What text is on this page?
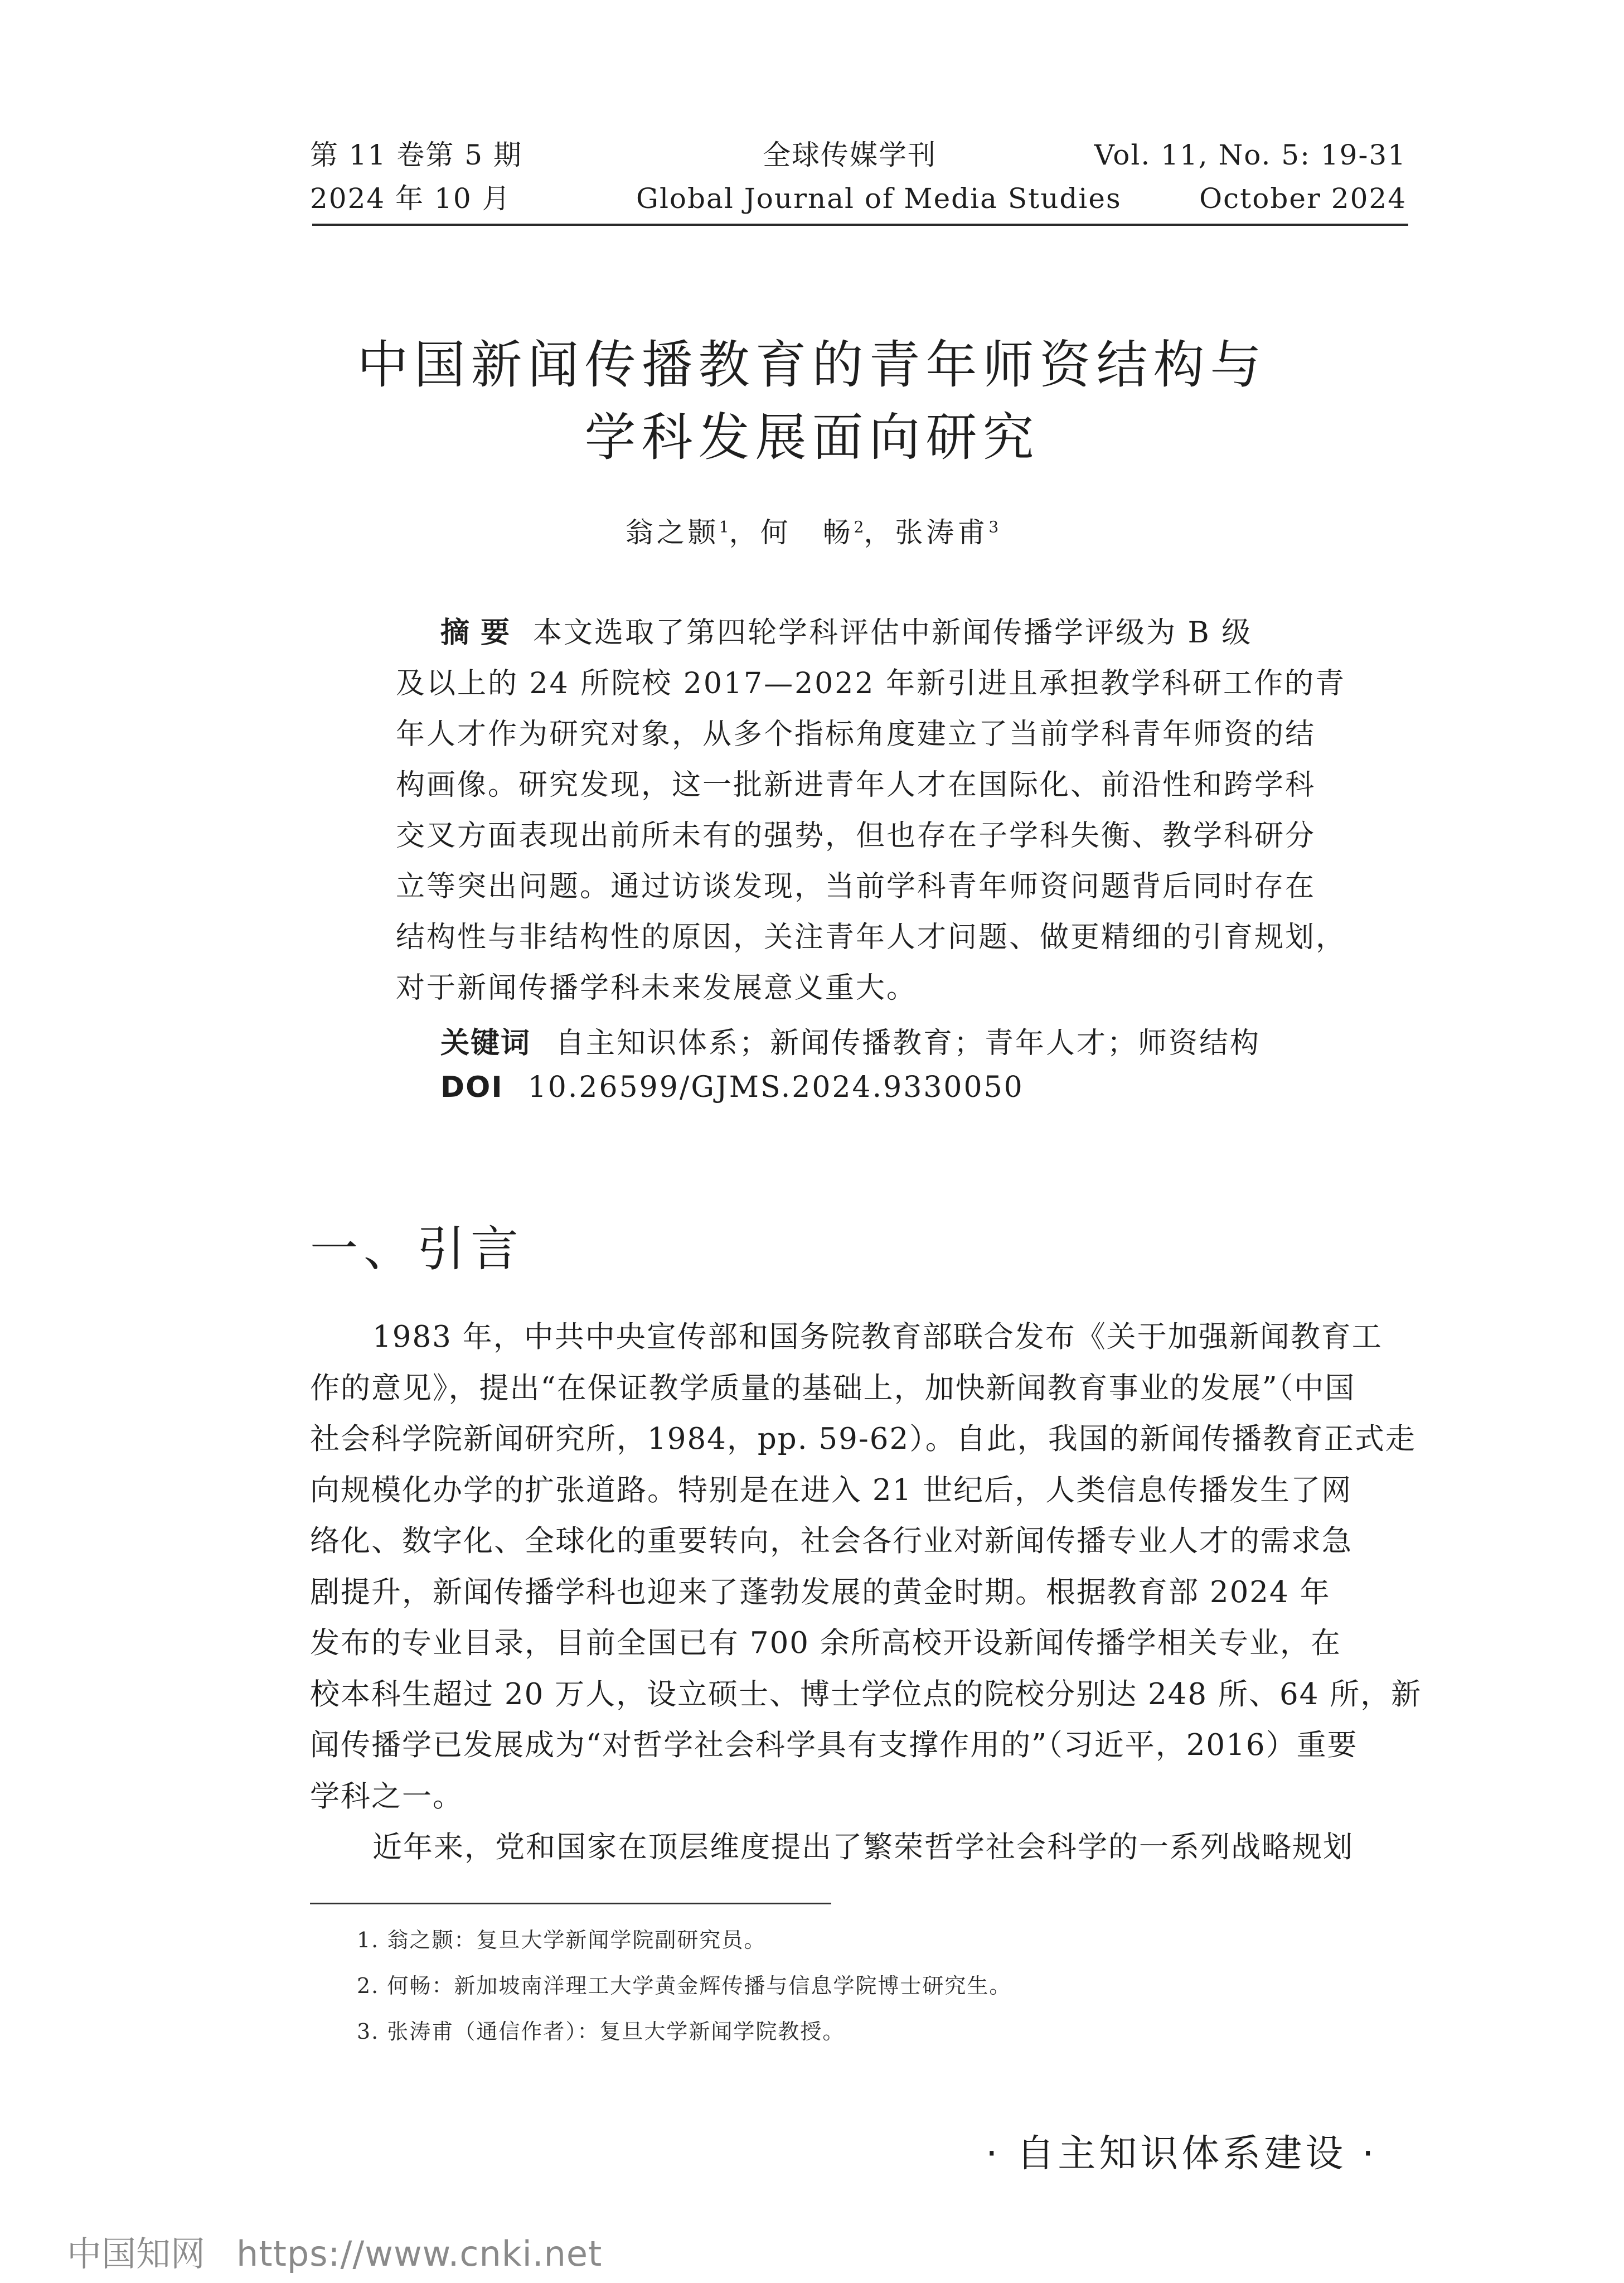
第 11 卷第 5 期
2024 年 10 月
全球传媒学刊
Global Journal of Media Studies
Vol. 11, No. 5: 19-31
October 2024
中国新闻传播教育的青年师资结构与
学科发展面向研究
翁之颢$^1$，何　畅$^2$，张涛甫$^3$
摘要 本文选取了第四轮学科评估中新闻传播学评级为 B 级
及以上的 24 所院校 2017—2022 年新引进且承担教学科研工作的青
年人才作为研究对象，从多个指标角度建立了当前学科青年师资的结
构画像。研究发现，这一批新进青年人才在国际化、前沿性和跨学科
交叉方面表现出前所未有的强势，但也存在子学科失衡、教学科研分
立等突出问题。通过访谈发现，当前学科青年师资问题背后同时存在
结构性与非结构性的原因，关注青年人才问题、做更精细的引育规划，
对于新闻传播学科未来发展意义重大。
关键词 自主知识体系；新闻传播教育；青年人才；师资结构
DOI 10.26599/GJMS.2024.9330050
一、引言
1983 年，中共中央宣传部和国务院教育部联合发布《关于加强新闻教育工
作的意见》，提出“在保证教学质量的基础上，加快新闻教育事业的发展”（中国
社会科学院新闻研究所，1984，pp. 59-62）。自此，我国的新闻传播教育正式走
向规模化办学的扩张道路。特别是在进入 21 世纪后，人类信息传播发生了网
络化、数字化、全球化的重要转向，社会各行业对新闻传播专业人才的需求急
剧提升，新闻传播学科也迎来了蓬勃发展的黄金时期。根据教育部 2024 年
发布的专业目录，目前全国已有 700 余所高校开设新闻传播学相关专业，在
校本科生超过 20 万人，设立硕士、博士学位点的院校分别达 248 所、64 所，新
闻传播学已发展成为“对哲学社会科学具有支撑作用的”（习近平，2016）重要
学科之一。
近年来，党和国家在顶层维度提出了繁荣哲学社会科学的一系列战略规划
1. 翁之颢：复旦大学新闻学院副研究员。
2. 何畅：新加坡南洋理工大学黄金辉传播与信息学院博士研究生。
3. 张涛甫（通信作者）：复旦大学新闻学院教授。
· 自主知识体系建设 ·
中国知网 https://www.cnki.net
